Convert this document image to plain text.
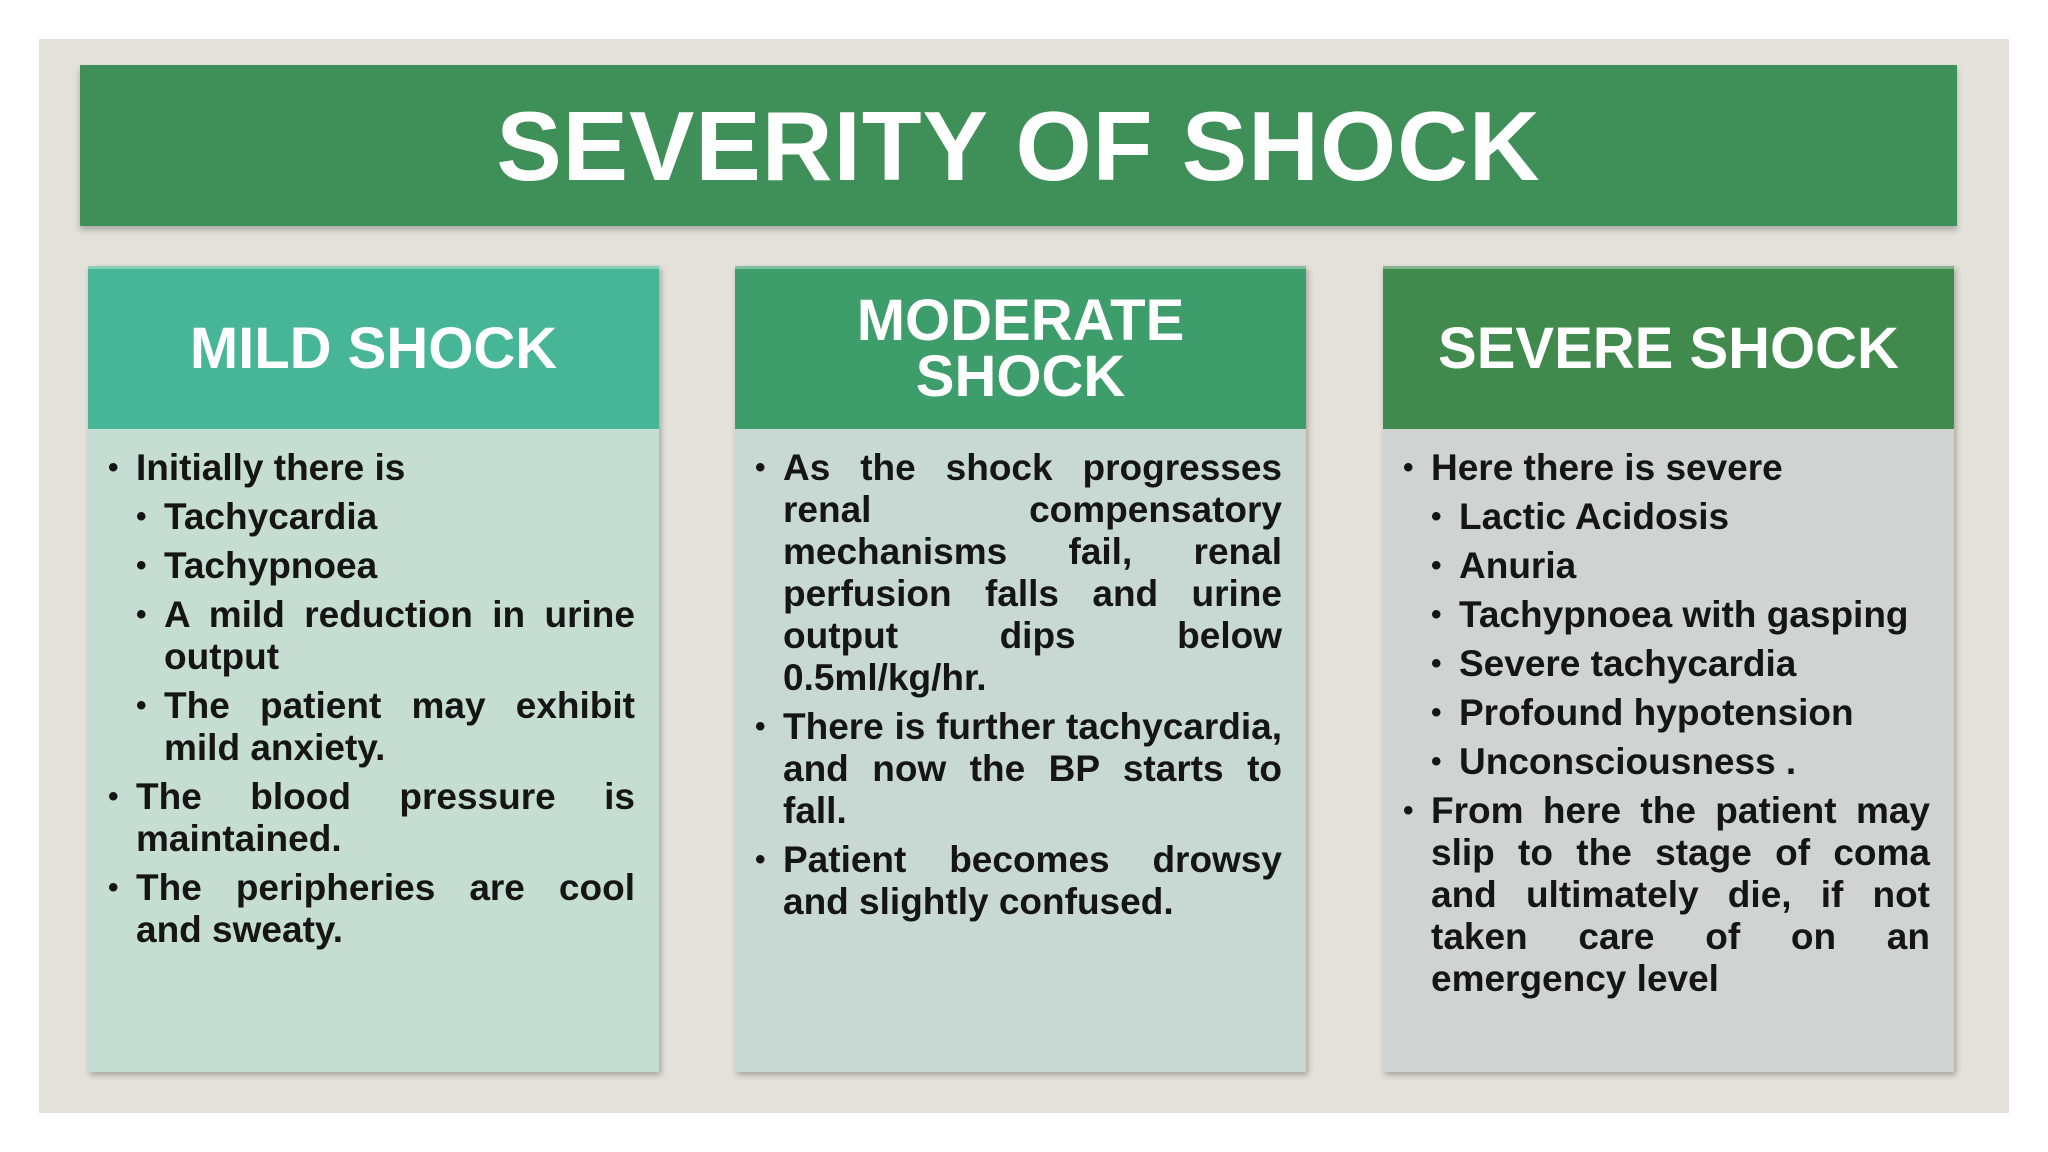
SEVERITY OF SHOCK
MILD SHOCK
• Initially there is
• Tachycardia
• Tachypnoea
• A mild reduction in urine output
• The patient may exhibit mild anxiety.
• The blood pressure is maintained.
• The peripheries are cool and sweaty.
MODERATE
SHOCK
• As the shock progresses renal compensatory mechanisms fail, renal perfusion falls and urine output dips below 0.5ml/kg/hr.
• There is further tachycardia, and now the BP starts to fall.
• Patient becomes drowsy and slightly confused.
SEVERE SHOCK
• Here there is severe
• Lactic Acidosis
• Anuria
• Tachypnoea with gasping
• Severe tachycardia
• Profound hypotension
• Unconsciousness .
• From here the patient may slip to the stage of coma and ultimately die, if not taken care of on an emergency level
